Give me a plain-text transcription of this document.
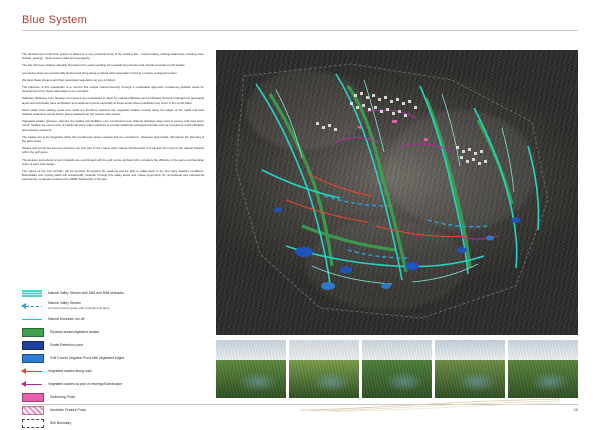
Blue System

The development of the blue system is based on a very profound study of the existing site , compromising, existing waterways, flooding area, climate, geology , slope erosion data and topography.

The site has been shaped naturally throughout the years resulting into meandering streams and natural mountain runoff swales.

Low laying areas are occasionally flooded and bring along a natural plant association forming a unique ecological system.

We label these streams and their associated vegetation as 'eco-corridors'.

The objective of this masterplan is to cherish this unique natural diversity through a sustainable approach considering setback areas for development from these waterways or eco corridors.

Sufficient distances from fairways and greens are maintained to allow for natural infiltration and purification through underground geological layers and eventually pass purification and settlement ponds especially at those areas where pollutants may occur in the runoff water.

Storm water from parking areas and roads are therefore captured into vegetated swales running along the edges of the roads and lead towards settlement ponds before being released into the natural main stream.

Vegetated swales (grasses, channel, dry swales and biofilters ) are constructed open channel drainage ways used to convey and treat storm runoff. Swales are used in lieu of traditional storm water pipelines to provide additional ecological benefits such as increasing runoff infiltration and reducing sediment.

The swales are to be integrated within the overall open space network and are considered , wherever appropriate, throughout the planning of the golf course.

Swales and ponds are become therefore not only part of the project wide 'natural infrastructure' but will also form part of the natural hazards within the golf game.

The location and extend of such hazards are coordinated with the golf course architect who considers the difficulty of the game and handicap index of each hole design.

The nature of the 'eco corridor' will be dynamic throughout the seasons and be able to adapt itself to dry and rainy weather conditions. Boardwalks and cycling paths will occasionally meander through this valley areas and create opportunity for recreational and educational experiences. It will also enhance the wildlife biodiversity of the site.

Natural Valley Stream with 25M and 50M setbacks
Natural Valley Stream
(Crossing below grade with underground pipe)
Natural Mountain run off
Riparian areas/vegetated swales
Swale Retention pond
Golf Course Irrigation Pond with vegetated edges
Vegetated swales along road
Vegetated swales as part of resort/golf landscape
Swimming Pools
Aesthetic Feature Pools
Site Boundary
AH | SW | BG	46
